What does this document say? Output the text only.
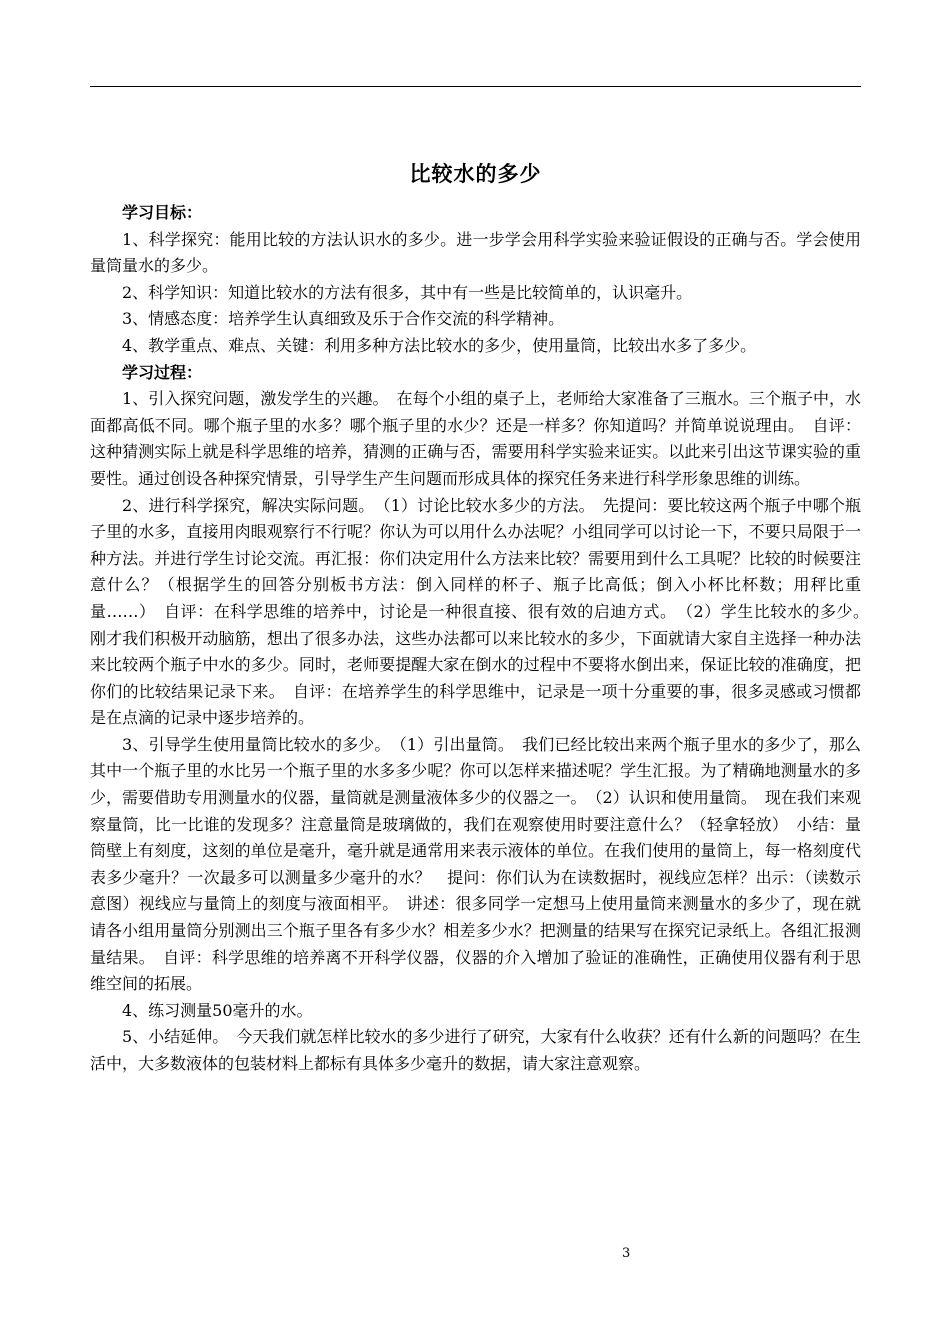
比较水的多少

学习目标：

1、科学探究：能用比较的方法认识水的多少。进一步学会用科学实验来验证假设的正确与否。学会使用量筒量水的多少。

2、科学知识：知道比较水的方法有很多，其中有一些是比较简单的，认识毫升。

3、情感态度：培养学生认真细致及乐于合作交流的科学精神。

4、教学重点、难点、关键：利用多种方法比较水的多少，使用量筒，比较出水多了多少。

学习过程：

1、引入探究问题，激发学生的兴趣。　在每个小组的桌子上，老师给大家准备了三瓶水。三个瓶子中，水面都高低不同。哪个瓶子里的水多？哪个瓶子里的水少？还是一样多？你知道吗？并简单说说理由。　自评：这种猜测实际上就是科学思维的培养，猜测的正确与否，需要用科学实验来证实。以此来引出这节课实验的重要性。通过创设各种探究情景，引导学生产生问题而形成具体的探究任务来进行科学形象思维的训练。

2、进行科学探究，解决实际问题。　（1）讨论比较水多少的方法。　先提问：要比较这两个瓶子中哪个瓶子里的水多，直接用肉眼观察行不行呢？你认为可以用什么办法呢？小组同学可以讨论一下，不要只局限于一种方法。并进行学生讨论交流。再汇报：你们决定用什么方法来比较？需要用到什么工具呢？比较的时候要注意什么？（根据学生的回答分别板书方法：倒入同样的杯子、瓶子比高低；倒入小杯比杯数；用秤比重量……）　自评：在科学思维的培养中，讨论是一种很直接、很有效的启迪方式。　（2）学生比较水的多少。　刚才我们积极开动脑筋，想出了很多办法，这些办法都可以来比较水的多少，下面就请大家自主选择一种办法来比较两个瓶子中水的多少。同时，老师要提醒大家在倒水的过程中不要将水倒出来，保证比较的准确度，把你们的比较结果记录下来。　自评：在培养学生的科学思维中，记录是一项十分重要的事，很多灵感或习惯都是在点滴的记录中逐步培养的。

3、引导学生使用量筒比较水的多少。　（1）引出量筒。　我们已经比较出来两个瓶子里水的多少了，那么其中一个瓶子里的水比另一个瓶子里的水多多少呢？你可以怎样来描述呢？学生汇报。为了精确地测量水的多少，需要借助专用测量水的仪器，量筒就是测量液体多少的仪器之一。　（2）认识和使用量筒。　现在我们来观察量筒，比一比谁的发现多？注意量筒是玻璃做的，我们在观察使用时要注意什么？（轻拿轻放）　小结：量筒壁上有刻度，这刻的单位是毫升，毫升就是通常用来表示液体的单位。在我们使用的量筒上，每一格刻度代表多少毫升？一次最多可以测量多少毫升的水？　提问：你们认为在读数据时，视线应怎样？出示：（读数示意图）视线应与量筒上的刻度与液面相平。　讲述：很多同学一定想马上使用量筒来测量水的多少了，现在就请各小组用量筒分别测出三个瓶子里各有多少水？相差多少水？把测量的结果写在探究记录纸上。各组汇报测量结果。　自评：科学思维的培养离不开科学仪器，仪器的介入增加了验证的准确性，正确使用仪器有利于思维空间的拓展。

4、练习测量50毫升的水。

5、小结延伸。　今天我们就怎样比较水的多少进行了研究，大家有什么收获？还有什么新的问题吗？在生活中，大多数液体的包装材料上都标有具体多少毫升的数据，请大家注意观察。

3
